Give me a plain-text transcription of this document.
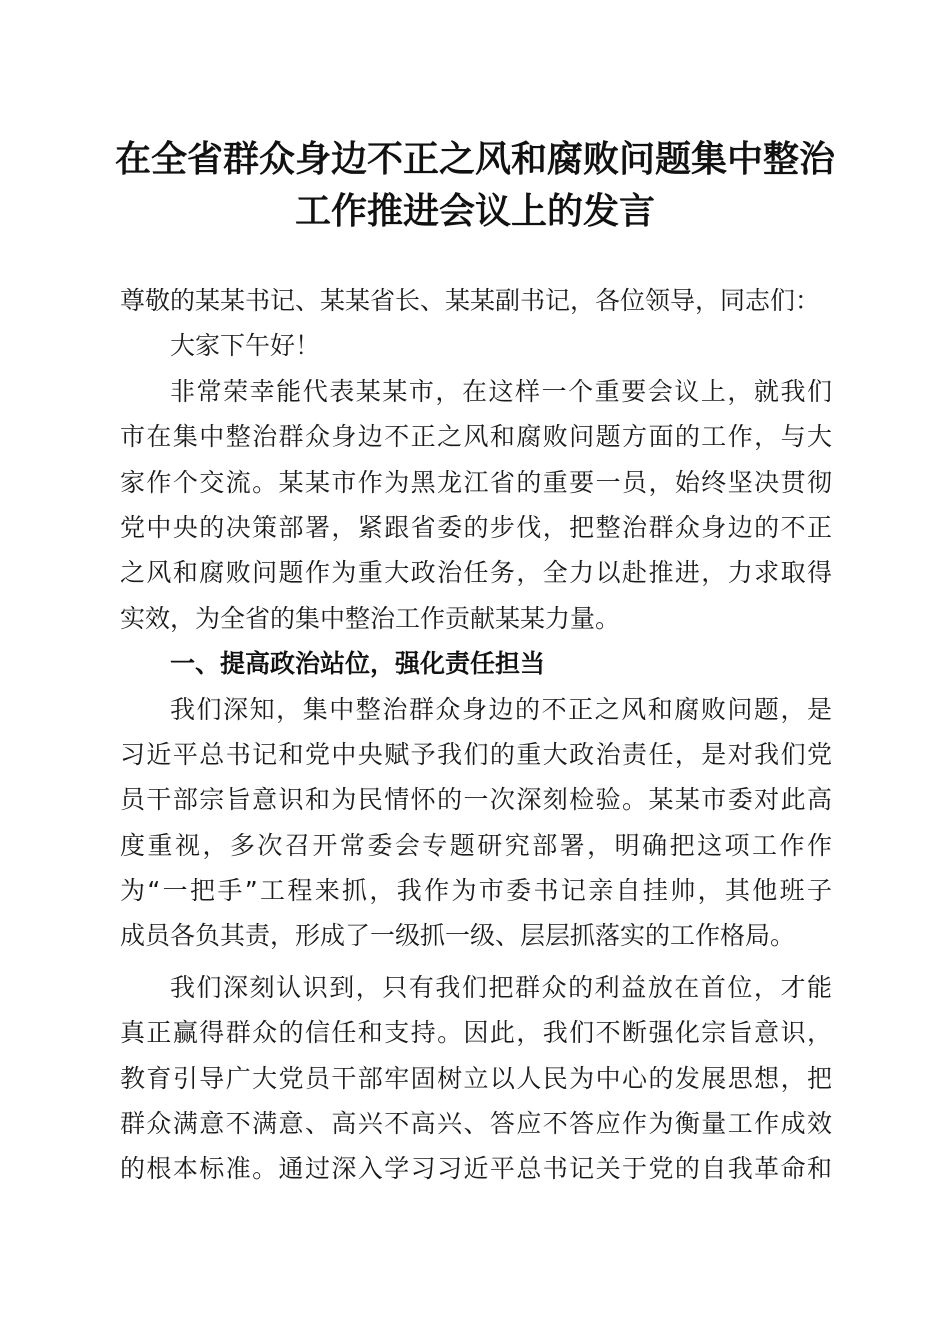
在全省群众身边不正之风和腐败问题集中整治
工作推进会议上的发言
尊敬的某某书记、某某省长、某某副书记，各位领导，同志们：
大家下午好！
非常荣幸能代表某某市，在这样一个重要会议上，就我们
市在集中整治群众身边不正之风和腐败问题方面的工作，与大
家作个交流。某某市作为黑龙江省的重要一员，始终坚决贯彻
党中央的决策部署，紧跟省委的步伐，把整治群众身边的不正
之风和腐败问题作为重大政治任务，全力以赴推进，力求取得
实效，为全省的集中整治工作贡献某某力量。
一、提高政治站位，强化责任担当
我们深知，集中整治群众身边的不正之风和腐败问题，是
习近平总书记和党中央赋予我们的重大政治责任，是对我们党
员干部宗旨意识和为民情怀的一次深刻检验。某某市委对此高
度重视，多次召开常委会专题研究部署，明确把这项工作作
为“一把手”工程来抓，我作为市委书记亲自挂帅，其他班子
成员各负其责，形成了一级抓一级、层层抓落实的工作格局。
我们深刻认识到，只有我们把群众的利益放在首位，才能
真正赢得群众的信任和支持。因此，我们不断强化宗旨意识，
教育引导广大党员干部牢固树立以人民为中心的发展思想，把
群众满意不满意、高兴不高兴、答应不答应作为衡量工作成效
的根本标准。通过深入学习习近平总书记关于党的自我革命和
